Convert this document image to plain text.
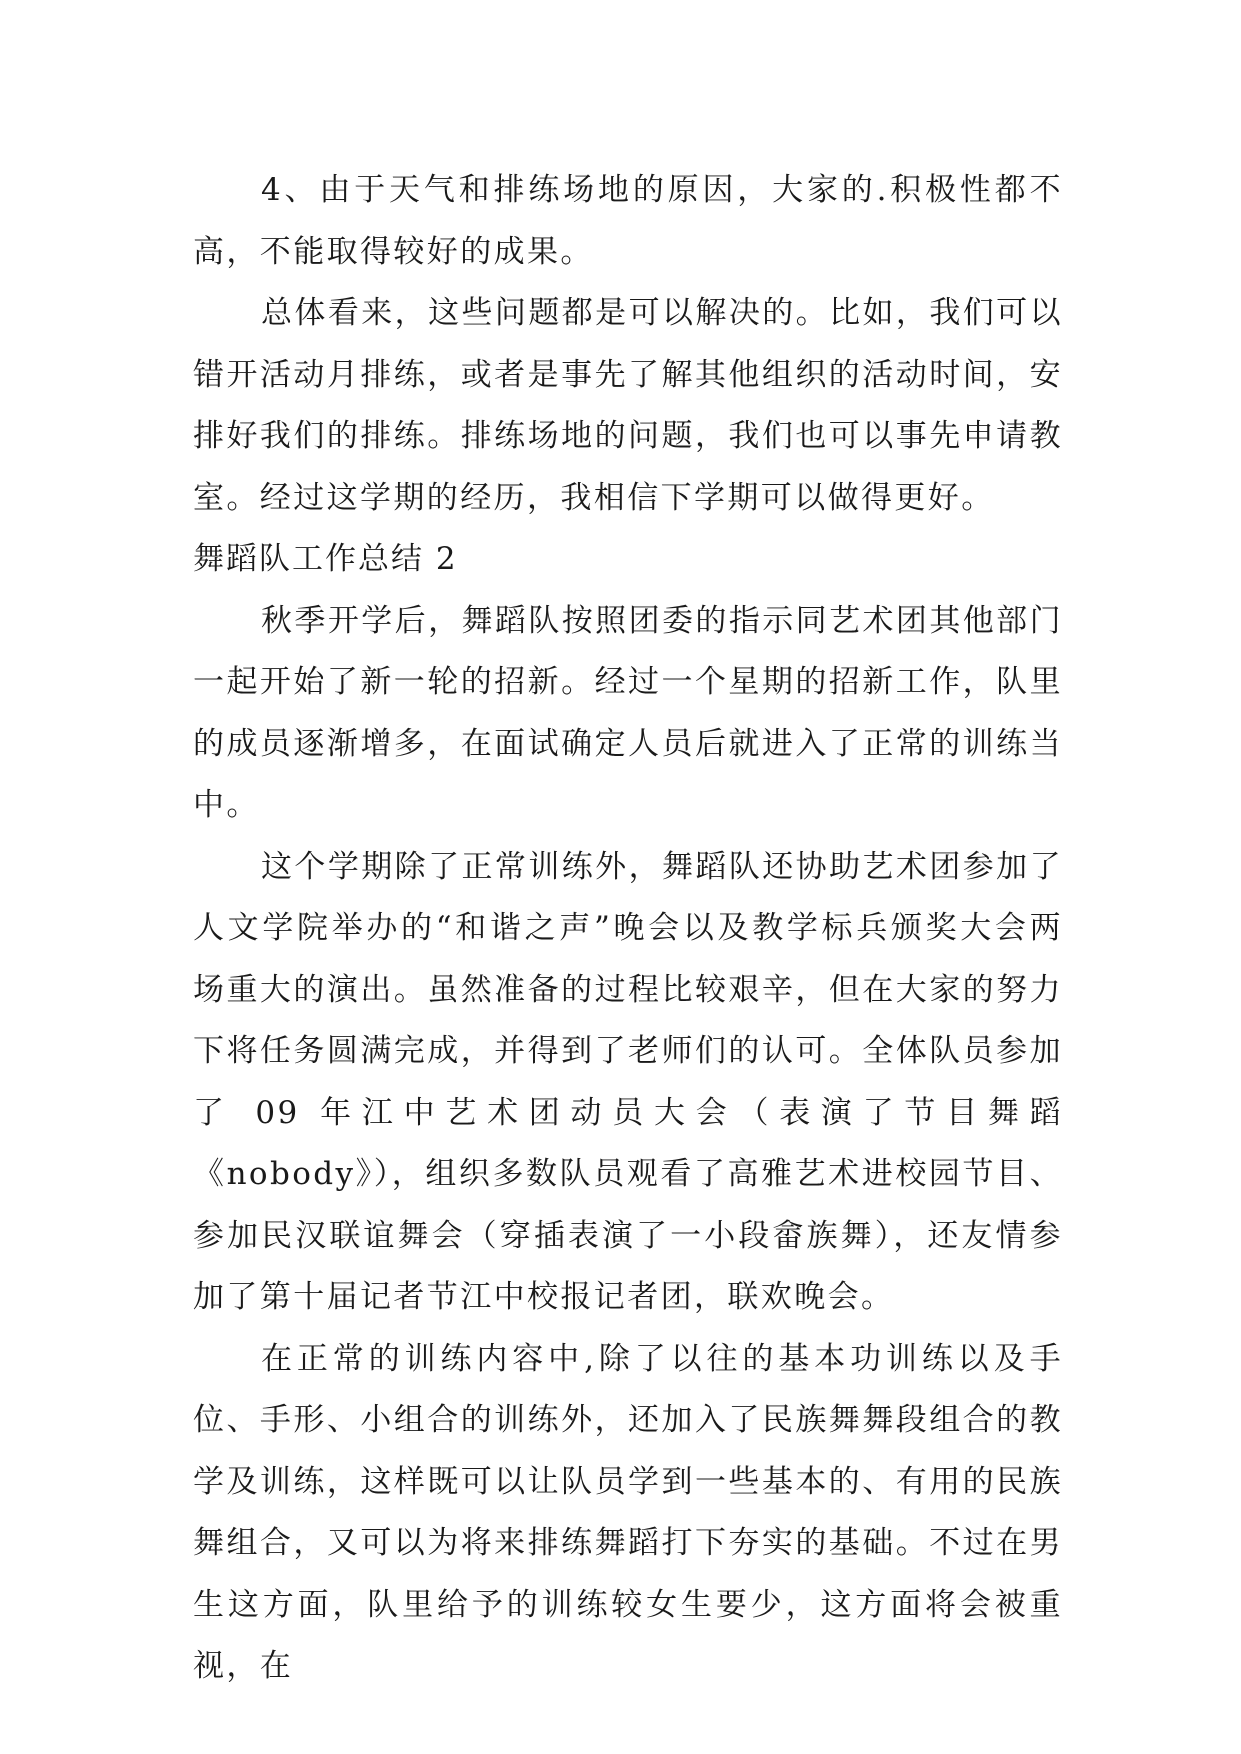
4、由于天气和排练场地的原因，大家的.积极性都不高，不能取得较好的成果。

总体看来，这些问题都是可以解决的。比如，我们可以错开活动月排练，或者是事先了解其他组织的活动时间，安排好我们的排练。排练场地的问题，我们也可以事先申请教室。经过这学期的经历，我相信下学期可以做得更好。

舞蹈队工作总结 2

秋季开学后，舞蹈队按照团委的指示同艺术团其他部门一起开始了新一轮的招新。经过一个星期的招新工作，队里的成员逐渐增多，在面试确定人员后就进入了正常的训练当中。

这个学期除了正常训练外，舞蹈队还协助艺术团参加了人文学院举办的“和谐之声”晚会以及教学标兵颁奖大会两场重大的演出。虽然准备的过程比较艰辛，但在大家的努力下将任务圆满完成，并得到了老师们的认可。全体队员参加了 09 年江中艺术团动员大会（表演了节目舞蹈《nobody》），组织多数队员观看了高雅艺术进校园节目、参加民汉联谊舞会（穿插表演了一小段畲族舞），还友情参加了第十届记者节江中校报记者团，联欢晚会。

在正常的训练内容中,除了以往的基本功训练以及手位、手形、小组合的训练外，还加入了民族舞舞段组合的教学及训练，这样既可以让队员学到一些基本的、有用的民族舞组合，又可以为将来排练舞蹈打下夯实的基础。不过在男生这方面，队里给予的训练较女生要少，这方面将会被重视，在
